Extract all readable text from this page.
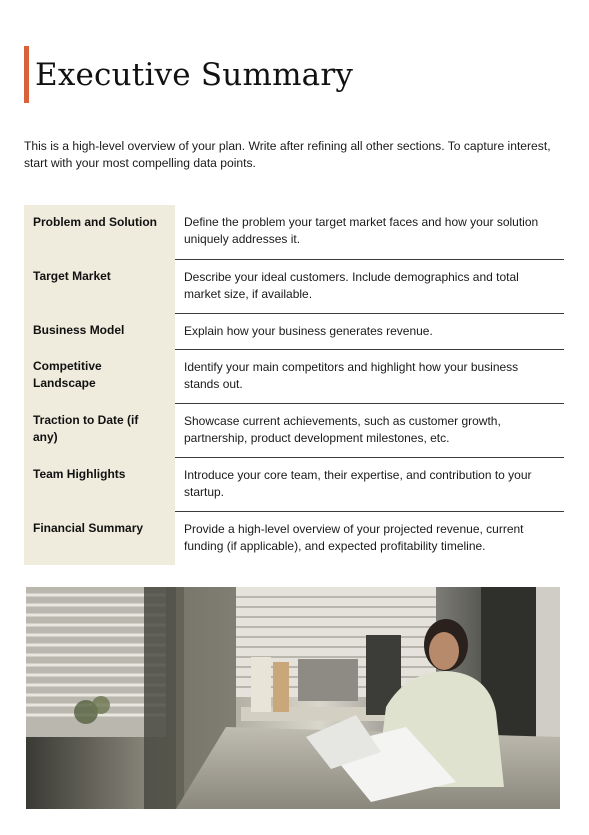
Executive Summary

This is a high-level overview of your plan. Write after refining all other sections. To capture interest, start with your most compelling data points.

Problem and Solution	Define the problem your target market faces and how your solution uniquely addresses it.
Target Market	Describe your ideal customers. Include demographics and total market size, if available.
Business Model	Explain how your business generates revenue.
Competitive Landscape	Identify your main competitors and highlight how your business stands out.
Traction to Date (if any)	Showcase current achievements, such as customer growth, partnership, product development milestones, etc.
Team Highlights	Introduce your core team, their expertise, and contribution to your startup.
Financial Summary	Provide a high-level overview of your projected revenue, current funding (if applicable), and expected profitability timeline.
